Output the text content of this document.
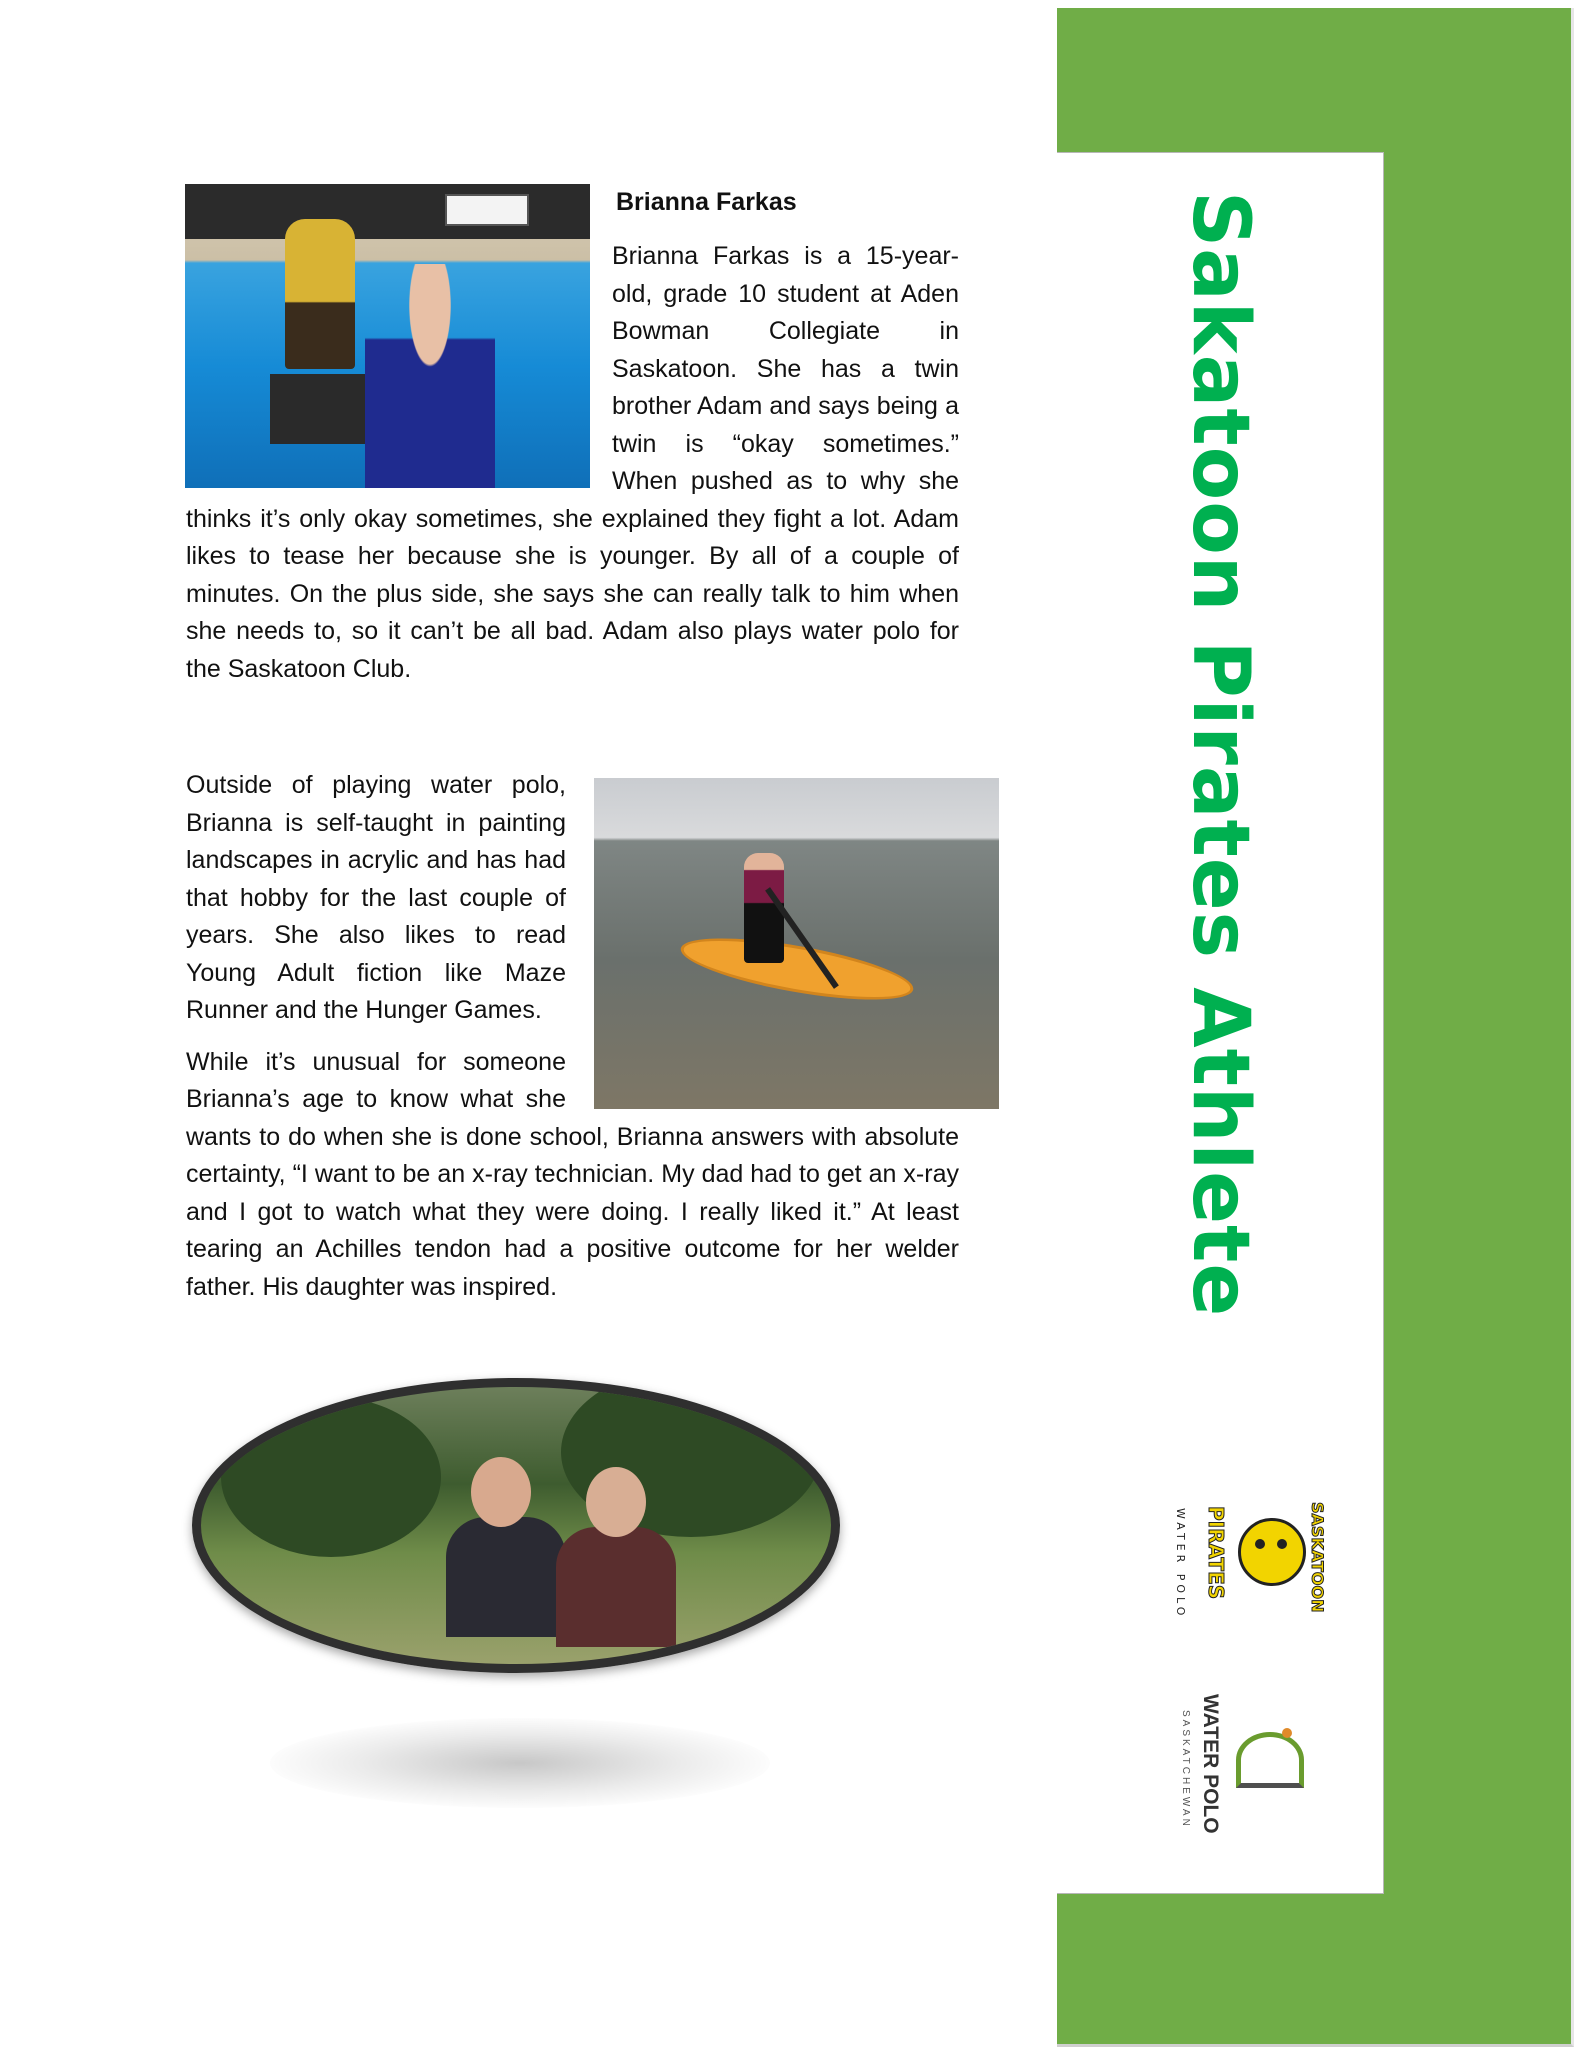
Brianna Farkas

Brianna Farkas is a 15-year-old, grade 10 student at Aden Bowman Collegiate in Saskatoon. She has a twin brother Adam and says being a twin is “okay sometimes.” When pushed as to why she thinks it’s only okay sometimes, she explained they fight a lot. Adam likes to tease her because she is younger. By all of a couple of minutes. On the plus side, she says she can really talk to him when she needs to, so it can’t be all bad. Adam also plays water polo for the Saskatoon Club.

Outside of playing water polo, Brianna is self-taught in painting landscapes in acrylic and has had that hobby for the last couple of years. She also likes to read Young Adult fiction like Maze Runner and the Hunger Games.

While it’s unusual for someone Brianna’s age to know what she wants to do when she is done school, Brianna answers with absolute certainty, “I want to be an x-ray technician. My dad had to get an x-ray and I got to watch what they were doing. I really liked it.” At least tearing an Achilles tendon had a positive outcome for her welder father. His daughter was inspired.	Sakatoon Pirates Athlete
WATER POLO PIRATES	SASKATOON
SASKATCHEWAN WATER POLO
